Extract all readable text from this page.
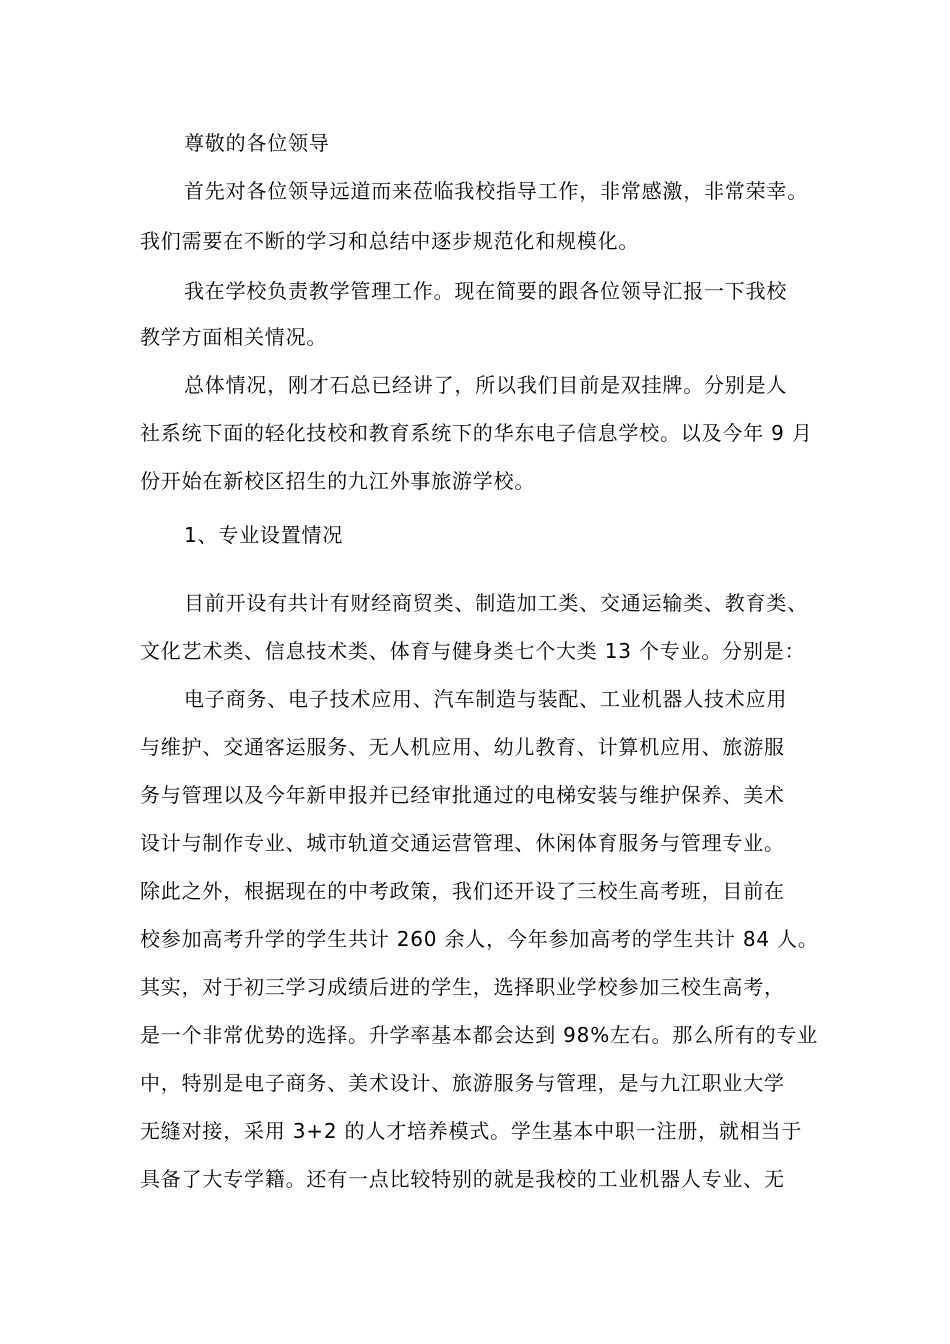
尊敬的各位领导
首先对各位领导远道而来莅临我校指导工作，非常感激，非常荣幸。
我们需要在不断的学习和总结中逐步规范化和规模化。
我在学校负责教学管理工作。现在简要的跟各位领导汇报一下我校
教学方面相关情况。
总体情况，刚才石总已经讲了，所以我们目前是双挂牌。分别是人
社系统下面的轻化技校和教育系统下的华东电子信息学校。以及今年 9 月
份开始在新校区招生的九江外事旅游学校。
1、专业设置情况
目前开设有共计有财经商贸类、制造加工类、交通运输类、教育类、
文化艺术类、信息技术类、体育与健身类七个大类 13 个专业。分别是：
电子商务、电子技术应用、汽车制造与装配、工业机器人技术应用
与维护、交通客运服务、无人机应用、幼儿教育、计算机应用、旅游服
务与管理以及今年新申报并已经审批通过的电梯安装与维护保养、美术
设计与制作专业、城市轨道交通运营管理、休闲体育服务与管理专业。
除此之外，根据现在的中考政策，我们还开设了三校生高考班，目前在
校参加高考升学的学生共计 260 余人，今年参加高考的学生共计 84 人。
其实，对于初三学习成绩后进的学生，选择职业学校参加三校生高考，
是一个非常优势的选择。升学率基本都会达到 98%左右。那么所有的专业
中，特别是电子商务、美术设计、旅游服务与管理，是与九江职业大学
无缝对接，采用 3+2 的人才培养模式。学生基本中职一注册，就相当于
具备了大专学籍。还有一点比较特别的就是我校的工业机器人专业、无
